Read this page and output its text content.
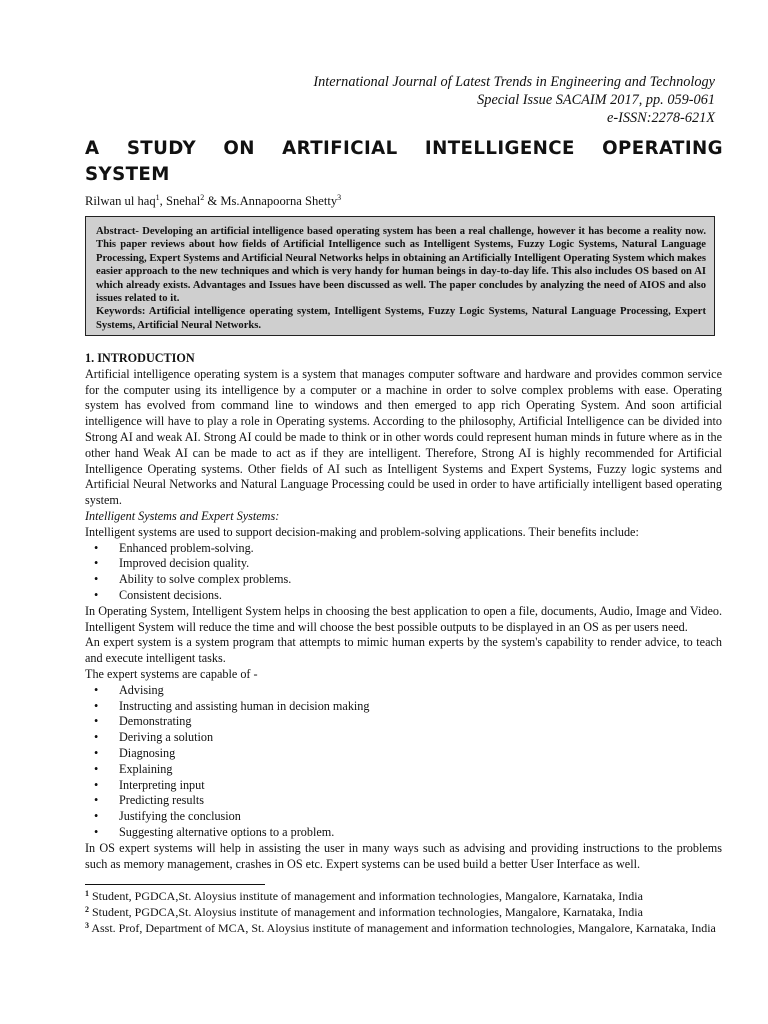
International Journal of Latest Trends in Engineering and Technology
Special Issue SACAIM 2017, pp. 059-061
e-ISSN:2278-621X
A STUDY ON ARTIFICIAL INTELLIGENCE OPERATING
SYSTEM
Rilwan ul haq$^1$, Snehal$^2$ & Ms.Annapoorna Shetty$^3$

Abstract- Developing an artificial intelligence based operating system has been a real challenge, however it has become a reality now. This paper reviews about how fields of Artificial Intelligence such as Intelligent Systems, Fuzzy Logic Systems, Natural Language Processing, Expert Systems and Artificial Neural Networks helps in obtaining an Artificially Intelligent Operating System which makes easier approach to the new techniques and which is very handy for human beings in day-to-day life. This also includes OS based on AI which already exists. Advantages and Issues have been discussed as well. The paper concludes by analyzing the need of AIOS and also issues related to it.

Keywords: Artificial intelligence operating system, Intelligent Systems, Fuzzy Logic Systems, Natural Language Processing, Expert Systems, Artificial Neural Networks.

1. INTRODUCTION

Artificial intelligence operating system is a system that manages computer software and hardware and provides common service for the computer using its intelligence by a computer or a machine in order to solve complex problems with ease. Operating system has evolved from command line to windows and then emerged to app rich Operating System. And soon artificial intelligence will have to play a role in Operating systems. According to the philosophy, Artificial Intelligence can be divided into Strong AI and weak AI. Strong AI could be made to think or in other words could represent human minds in future where as in the other hand Weak AI can be made to act as if they are intelligent. Therefore, Strong AI is highly recommended for Artificial Intelligence Operating systems. Other fields of AI such as Intelligent Systems and Expert Systems, Fuzzy logic systems and Artificial Neural Networks and Natural Language Processing could be used in order to have artificially intelligent based operating system.

Intelligent Systems and Expert Systems:

Intelligent systems are used to support decision-making and problem-solving applications. Their benefits include:

•	Enhanced problem-solving.
•	Improved decision quality.
•	Ability to solve complex problems.
•	Consistent decisions.

In Operating System, Intelligent System helps in choosing the best application to open a file, documents, Audio, Image and Video. Intelligent System will reduce the time and will choose the best possible outputs to be displayed in an OS as per users need.

An expert system is a system program that attempts to mimic human experts by the system's capability to render advice, to teach and execute intelligent tasks.

The expert systems are capable of -

•	Advising
•	Instructing and assisting human in decision making
•	Demonstrating
•	Deriving a solution
•	Diagnosing
•	Explaining
•	Interpreting input
•	Predicting results
•	Justifying the conclusion
•	Suggesting alternative options to a problem.

In OS expert systems will help in assisting the user in many ways such as advising and providing instructions to the problems such as memory management, crashes in OS etc. Expert systems can be used build a better User Interface as well.

$^1$ Student, PGDCA,St. Aloysius institute of management and information technologies, Mangalore, Karnataka, India

$^2$ Student, PGDCA,St. Aloysius institute of management and information technologies, Mangalore, Karnataka, India

$^3$ Asst. Prof, Department of MCA, St. Aloysius institute of management and information technologies, Mangalore, Karnataka, India
